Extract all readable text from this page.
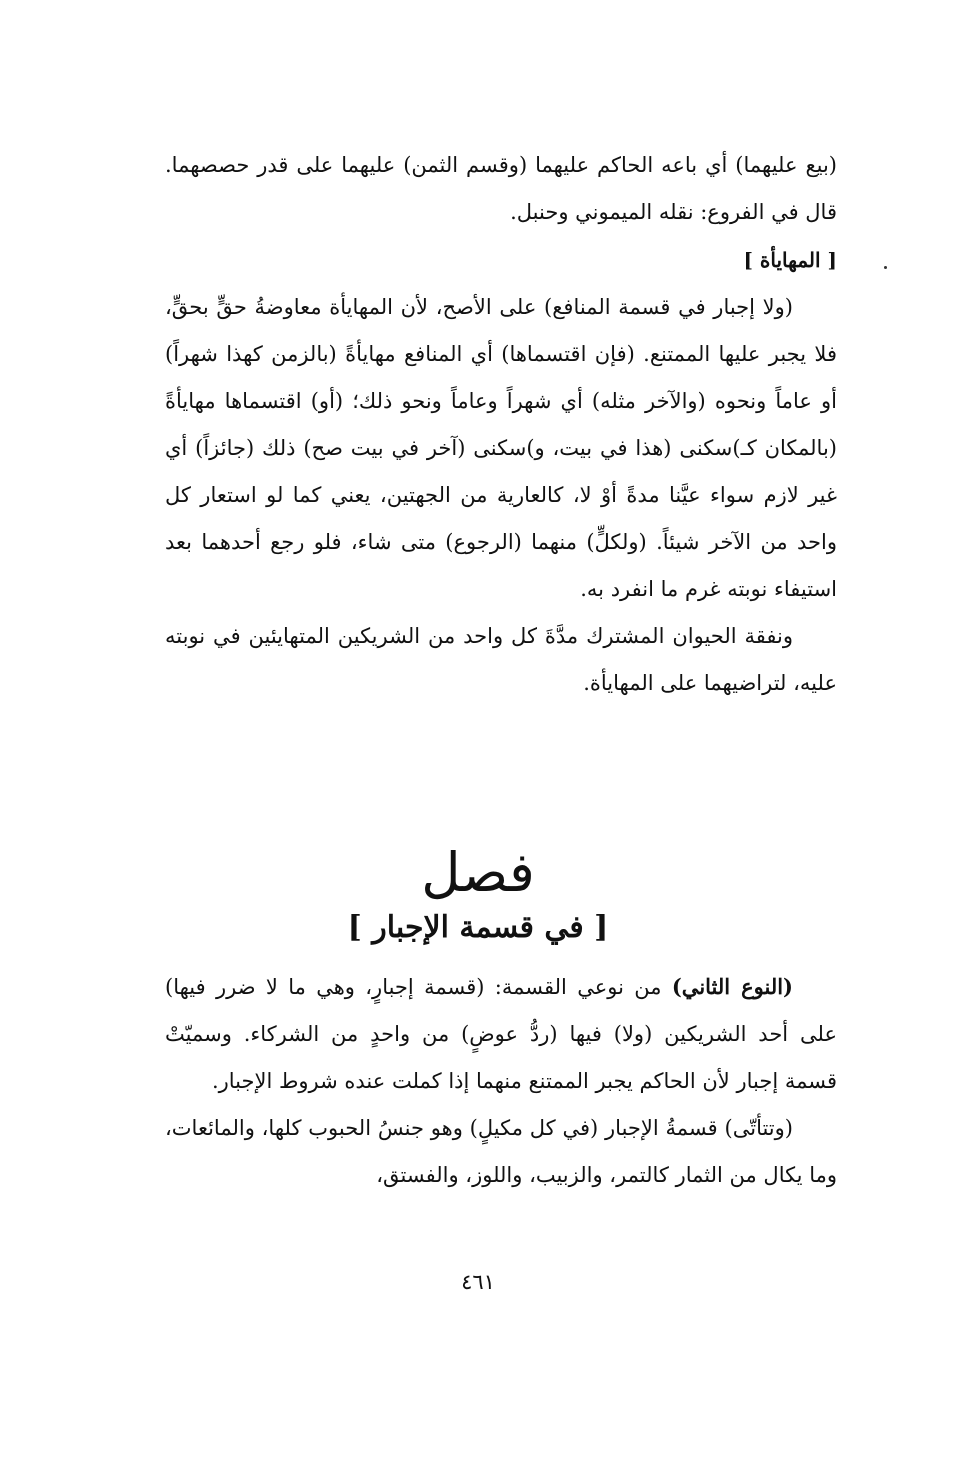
(بيع عليهما) أي باعه الحاكم عليهما (وقسم الثمن) عليهما على قدر حصصهما. قال في الفروع: نقله الميموني وحنبل.

[ المهايأة ]

(ولا إجبار في قسمة المنافع) على الأصح، لأن المهايأة معاوضةُ حقٍّ بحقٍّ، فلا يجبر عليها الممتنع. (فإن اقتسماها) أي المنافع مهايأةً (بالزمن كهذا شهراً) أو عاماً ونحوه (والآخر مثله) أي شهراً وعاماً ونحو ذلك؛ (أو) اقتسماها مهايأةً (بالمكان كـ)سكنى (هذا في بيت، و)سكنى (آخر في بيت صح) ذلك (جائزاً) أي غير لازم سواء عيَّنا مدةً أوْ لا، كالعارية من الجهتين، يعني كما لو استعار كل واحد من الآخر شيئاً. (ولكلٍّ) منهما (الرجوع) متى شاء، فلو رجع أحدهما بعد استيفاء نوبته غرم ما انفرد به.

ونفقة الحيوان المشترك مدَّةَ كل واحد من الشريكين المتهايئين في نوبته عليه، لتراضيهما على المهايأة.

فصل
[ في قسمة الإجبار ]

(النوع الثاني) من نوعي القسمة: (قسمة إجبارٍ، وهي ما لا ضرر فيها) على أحد الشريكين (ولا) فيها (ردُّ عوضٍ) من واحدٍ من الشركاء. وسميّتْ قسمة إجبار لأن الحاكم يجبر الممتنع منهما إذا كملت عنده شروط الإجبار.

(وتتأتّى) قسمةُ الإجبار (في كل مكيلٍ) وهو جنسُ الحبوب كلها، والمائعات، وما يكال من الثمار كالتمر، والزبيب، واللوز، والفستق،

٤٦١
